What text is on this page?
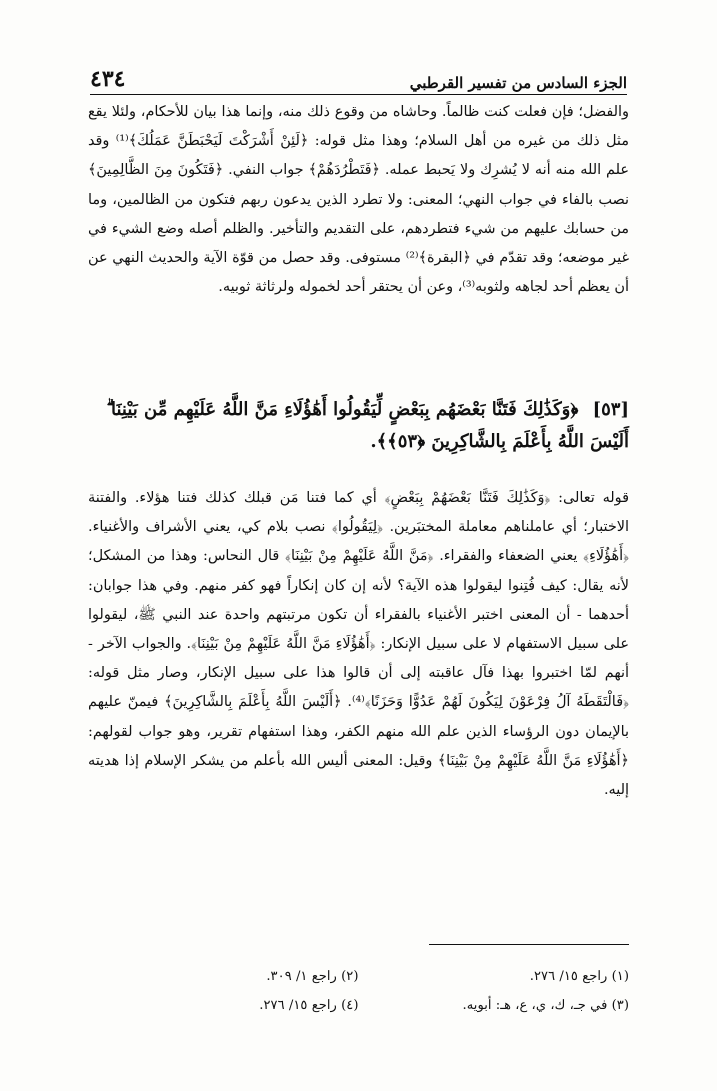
٤٣٤	الجزء السادس من تفسير القرطبي

والفضل؛ فإن فعلت كنت ظالماً. وحاشاه من وقوع ذلك منه، وإنما هذا بيان للأحكام، ولئلا يقع مثل ذلك من غيره من أهل السلام؛ وهذا مثل قوله: ﴿لَئِنْ أَشْرَكْتَ لَيَحْبَطَنَّ عَمَلُكَ﴾⁽¹⁾ وقد علم الله منه أنه لا يُشرِك ولا يَحبط عمله. ﴿فَتَطْرُدَهُمْ﴾ جواب النفي. ﴿فَتَكُونَ مِنَ الظَّالِمِينَ﴾ نصب بالفاء في جواب النهي؛ المعنى: ولا تطرد الذين يدعون ربهم فتكون من الظالمين، وما من حسابك عليهم من شيء فتطردهم، على التقديم والتأخير. والظلم أصله وضع الشيء في غير موضعه؛ وقد تقدّم في ﴿البقرة﴾⁽²⁾ مستوفى. وقد حصل من قوّة الآية والحديث النهي عن أن يعظم أحد لجاهه ولثوبه⁽³⁾، وعن أن يحتقر أحد لخموله ولرثاثة ثوبيه.

[٥٣] ﴿وَكَذَٰلِكَ فَتَنَّا بَعْضَهُم بِبَعْضٍ لِّيَقُولُوا أَهَٰؤُلَاءِ مَنَّ اللَّهُ عَلَيْهِم مِّن بَيْنِنَا ۗ أَلَيْسَ اللَّهُ بِأَعْلَمَ بِالشَّاكِرِينَ ﴿٥٣﴾﴾.

قوله تعالى: ﴿وَكَذَٰلِكَ فَتَنَّا بَعْضَهُمْ بِبَعْضٍ﴾ أي كما فتنا مَن قبلك كذلك فتنا هؤلاء. والفتنة الاختبار؛ أي عاملناهم معاملة المختبَرين. ﴿لِيَقُولُوا﴾ نصب بلام كي، يعني الأشراف والأغنياء. ﴿أَهَٰؤُلَاءِ﴾ يعني الضعفاء والفقراء. ﴿مَنَّ اللَّهُ عَلَيْهِمْ مِنْ بَيْنِنَا﴾ قال النحاس: وهذا من المشكل؛ لأنه يقال: كيف فُتِنوا ليقولوا هذه الآية؟ لأنه إن كان إنكاراً فهو كفر منهم. وفي هذا جوابان: أحدهما - أن المعنى اختبر الأغنياء بالفقراء أن تكون مرتبتهم واحدة عند النبي ﷺ، ليقولوا على سبيل الاستفهام لا على سبيل الإنكار: ﴿أَهَٰؤُلَاءِ مَنَّ اللَّهُ عَلَيْهِمْ مِنْ بَيْنِنَا﴾. والجواب الآخر - أنهم لمّا اختبروا بهذا فآل عاقبته إلى أن قالوا هذا على سبيل الإنكار، وصار مثل قوله: ﴿فَالْتَقَطَهُ آلُ فِرْعَوْنَ لِيَكُونَ لَهُمْ عَدُوًّا وَحَزَنًا﴾⁽⁴⁾. ﴿أَلَيْسَ اللَّهُ بِأَعْلَمَ بِالشَّاكِرِينَ﴾ فيمنّ عليهم بالإيمان دون الرؤساء الذين علم الله منهم الكفر، وهذا استفهام تقرير، وهو جواب لقولهم: ﴿أَهَٰؤُلَاءِ مَنَّ اللَّهُ عَلَيْهِمْ مِنْ بَيْنِنَا﴾ وقيل: المعنى أليس الله بأعلم من يشكر الإسلام إذا هديته إليه.

(١) راجع ١٥/ ٢٧٦.
(٢) راجع ١/ ٣٠٩.
(٣) في جـ، ك، ي، ع، هـ: أبويه.
(٤) راجع ١٥/ ٢٧٦.
